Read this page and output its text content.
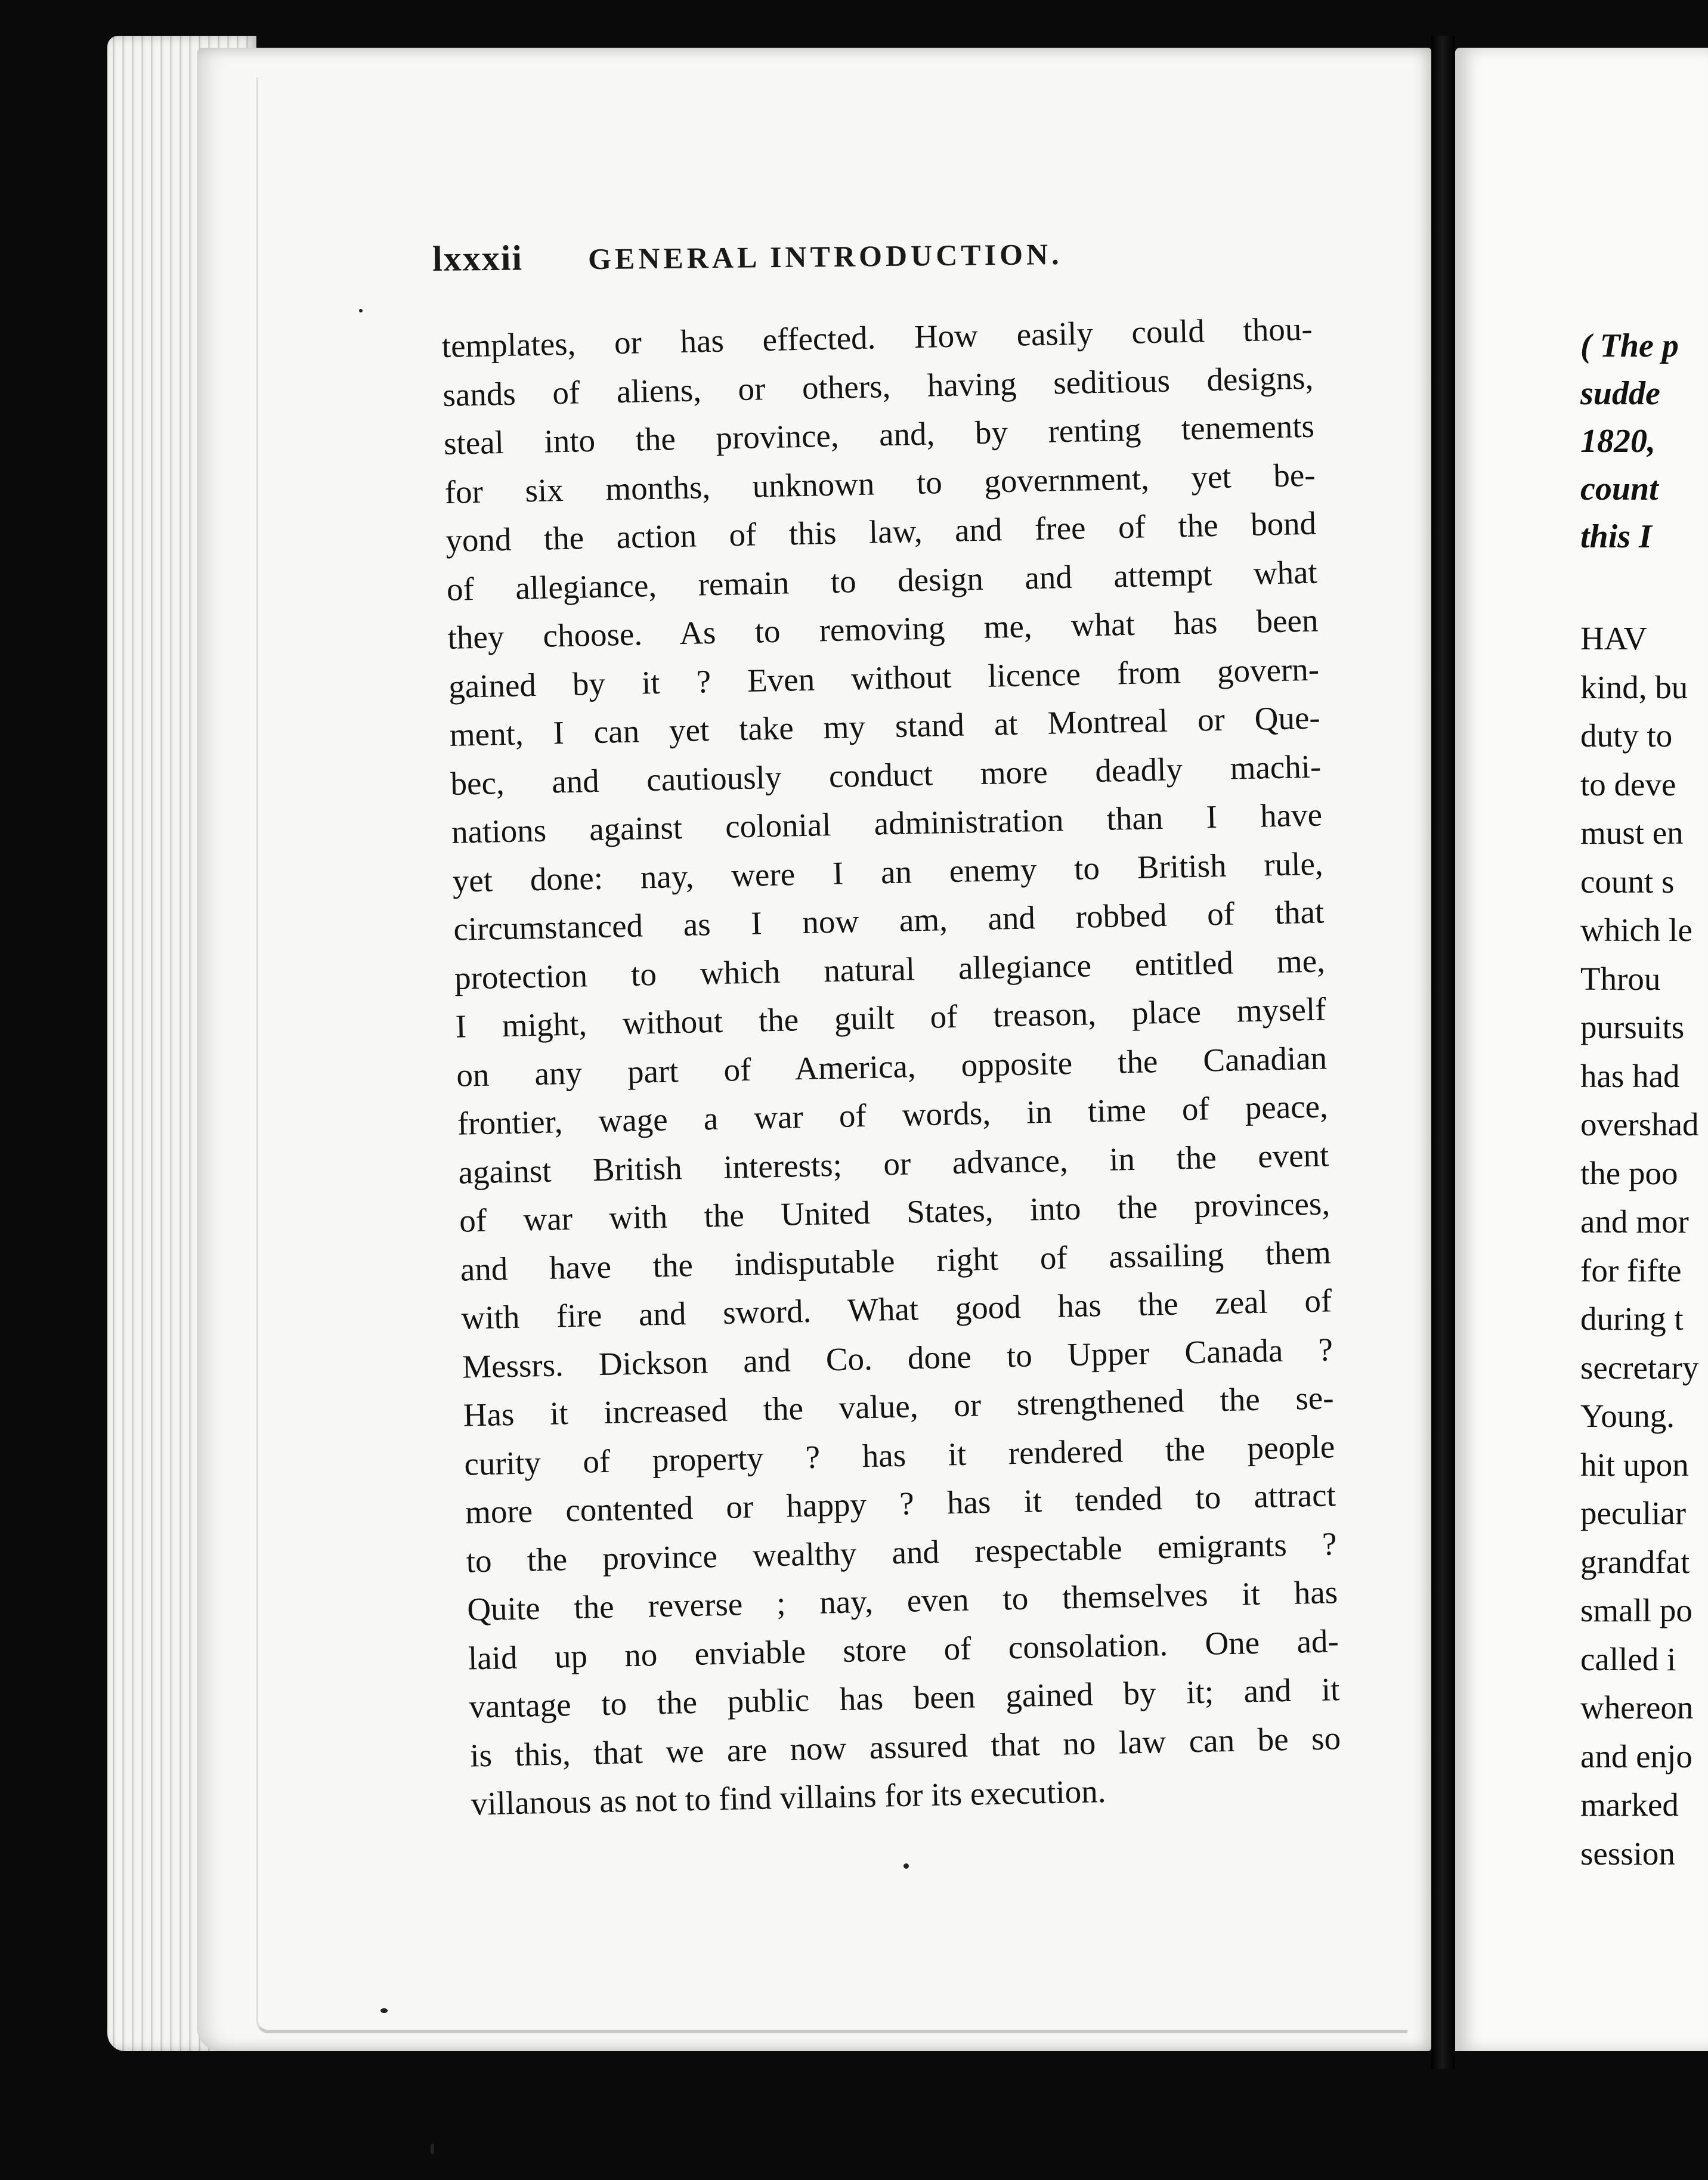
lxxxii GENERAL INTRODUCTION.
templates, or has effected. How easily could thou-
sands of aliens, or others, having seditious designs,
steal into the province, and, by renting tenements
for six months, unknown to government, yet be-
yond the action of this law, and free of the bond
of allegiance, remain to design and attempt what
they choose. As to removing me, what has been
gained by it ? Even without licence from govern-
ment, I can yet take my stand at Montreal or Que-
bec, and cautiously conduct more deadly machi-
nations against colonial administration than I have
yet done: nay, were I an enemy to British rule,
circumstanced as I now am, and robbed of that
protection to which natural allegiance entitled me,
I might, without the guilt of treason, place myself
on any part of America, opposite the Canadian
frontier, wage a war of words, in time of peace,
against British interests; or advance, in the event
of war with the United States, into the provinces,
and have the indisputable right of assailing them
with fire and sword. What good has the zeal of
Messrs. Dickson and Co. done to Upper Canada ?
Has it increased the value, or strengthened the se-
curity of property ? has it rendered the people
more contented or happy ? has it tended to attract
to the province wealthy and respectable emigrants ?
Quite the reverse ; nay, even to themselves it has
laid up no enviable store of consolation. One ad-
vantage to the public has been gained by it; and it
is this, that we are now assured that no law can be so
villanous as not to find villains for its execution.
( The p
sudde
1820,
count
this I
HAV
kind, bu
duty to
to deve
must en
count s
which le
Throu
pursuits
has had
overshad
the poo
and mor
for fifte
during t
secretary
Young.
hit upon
peculiar
grandfat
small po
called i
whereon
and enjo
marked
session
